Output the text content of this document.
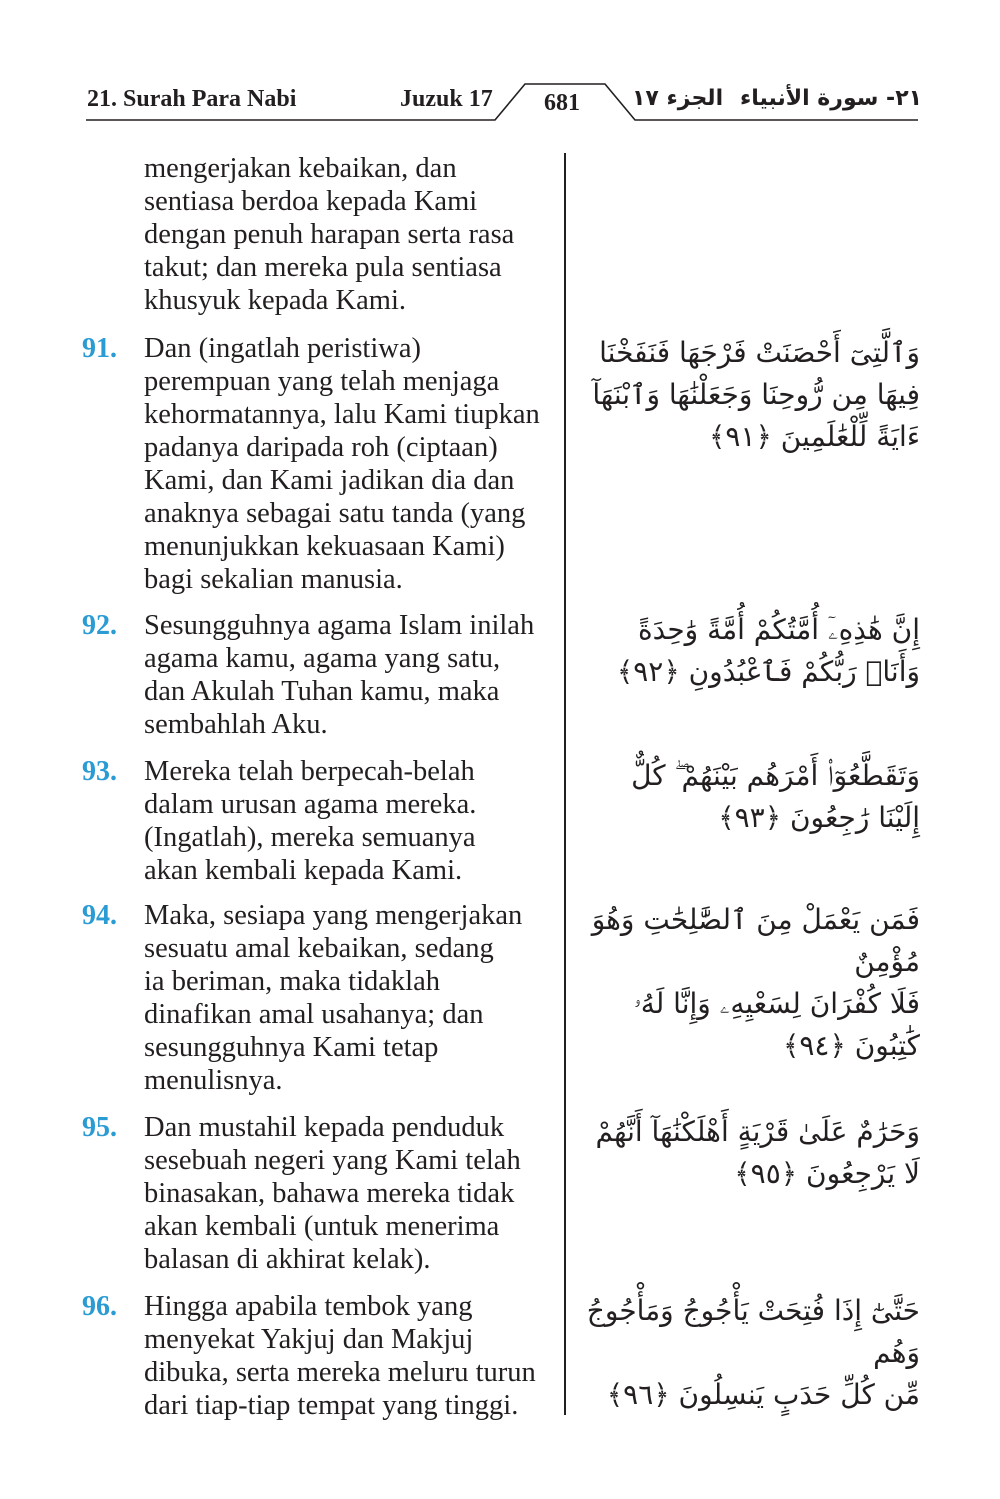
21. Surah Para Nabi	Juzuk 17	681	الجزء ١٧ ٢١- سورة الأنبياء

mengerjakan kebaikan, dan
sentiasa berdoa kepada Kami
dengan penuh harapan serta rasa
takut; dan mereka pula sentiasa
khusyuk kepada Kami.

91. Dan (ingatlah peristiwa)
perempuan yang telah menjaga
kehormatannya, lalu Kami tiupkan
padanya daripada roh (ciptaan)
Kami, dan Kami jadikan dia dan
anaknya sebagai satu tanda (yang
menunjukkan kekuasaan Kami)
bagi sekalian manusia.

وَٱلَّتِىٓ أَحْصَنَتْ فَرْجَهَا فَنَفَخْنَا
فِيهَا مِن رُّوحِنَا وَجَعَلْنَٰهَا وَٱبْنَهَآ
ءَايَةً لِّلْعَٰلَمِينَ ﴿٩١﴾
92. Sesungguhnya agama Islam inilah
agama kamu, agama yang satu,
dan Akulah Tuhan kamu, maka
sembahlah Aku.

إِنَّ هَٰذِهِۦٓ أُمَّتُكُمْ أُمَّةً وَٰحِدَةً
وَأَنَا۠ رَبُّكُمْ فَٱعْبُدُونِ ﴿٩٢﴾
93. Mereka telah berpecah-belah
dalam urusan agama mereka.
(Ingatlah), mereka semuanya
akan kembali kepada Kami.

وَتَقَطَّعُوٓا۟ أَمْرَهُم بَيْنَهُمْ ۖ كُلٌّ
إِلَيْنَا رَٰجِعُونَ ﴿٩٣﴾
94. Maka, sesiapa yang mengerjakan
sesuatu amal kebaikan, sedang
ia beriman, maka tidaklah
dinafikan amal usahanya; dan
sesungguhnya Kami tetap
menulisnya.

فَمَن يَعْمَلْ مِنَ ٱلصَّٰلِحَٰتِ وَهُوَ مُؤْمِنٌ
فَلَا كُفْرَانَ لِسَعْيِهِۦ وَإِنَّا لَهُۥ
كَٰتِبُونَ ﴿٩٤﴾
95. Dan mustahil kepada penduduk
sesebuah negeri yang Kami telah
binasakan, bahawa mereka tidak
akan kembali (untuk menerima
balasan di akhirat kelak).

وَحَرَٰمٌ عَلَىٰ قَرْيَةٍ أَهْلَكْنَٰهَآ أَنَّهُمْ
لَا يَرْجِعُونَ ﴿٩٥﴾
96. Hingga apabila tembok yang
menyekat Yakjuj dan Makjuj
dibuka, serta mereka meluru turun
dari tiap-tiap tempat yang tinggi.

حَتَّىٰٓ إِذَا فُتِحَتْ يَأْجُوجُ وَمَأْجُوجُ وَهُم
مِّن كُلِّ حَدَبٍ يَنسِلُونَ ﴿٩٦﴾
